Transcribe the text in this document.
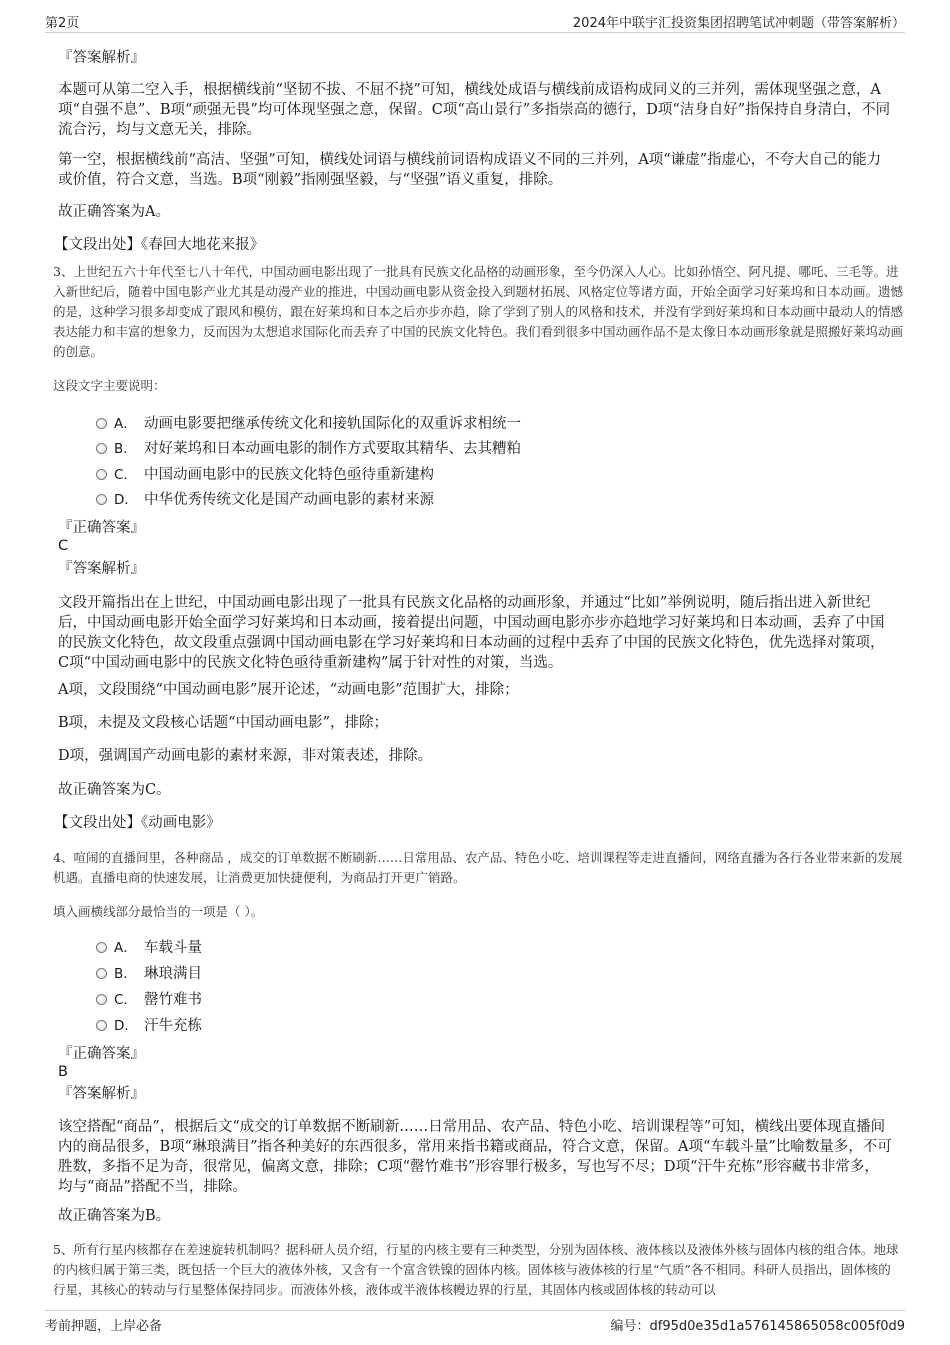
第2页	2024年中联宇汇投资集团招聘笔试冲刺题（带答案解析）
『答案解析』
本题可从第二空入手，根据横线前“坚韧不拔、不屈不挠”可知，横线处成语与横线前成语构成同义的三并列，需体现坚强之意，A项“自强不息”、B项“顽强无畏”均可体现坚强之意，保留。C项“高山景行”多指崇高的德行，D项“洁身自好”指保持自身清白，不同流合污，均与文意无关，排除。
第一空，根据横线前“高洁、坚强”可知，横线处词语与横线前词语构成语义不同的三并列，A项“谦虚”指虚心，不夸大自己的能力或价值，符合文意，当选。B项“刚毅”指刚强坚毅，与“坚强”语义重复，排除。
故正确答案为A。
【文段出处】《春回大地花来报》
3、上世纪五六十年代至七八十年代，中国动画电影出现了一批具有民族文化品格的动画形象，至今仍深入人心。比如孙悟空、阿凡提、哪吒、三毛等。进入新世纪后，随着中国电影产业尤其是动漫产业的推进，中国动画电影从资金投入到题材拓展、风格定位等诸方面，开始全面学习好莱坞和日本动画。遗憾的是，这种学习很多却变成了跟风和模仿，跟在好莱坞和日本之后亦步亦趋，除了学到了别人的风格和技术，并没有学到好莱坞和日本动画中最动人的情感表达能力和丰富的想象力，反而因为太想追求国际化而丢弃了中国的民族文化特色。我们看到很多中国动画作品不是太像日本动画形象就是照搬好莱坞动画的创意。
这段文字主要说明：
A． 动画电影要把继承传统文化和接轨国际化的双重诉求相统一
B． 对好莱坞和日本动画电影的制作方式要取其精华、去其糟粕
C． 中国动画电影中的民族文化特色亟待重新建构
D． 中华优秀传统文化是国产动画电影的素材来源
『正确答案』
C
『答案解析』
文段开篇指出在上世纪，中国动画电影出现了一批具有民族文化品格的动画形象，并通过“比如”举例说明，随后指出进入新世纪后，中国动画电影开始全面学习好莱坞和日本动画，接着提出问题，中国动画电影亦步亦趋地学习好莱坞和日本动画，丢弃了中国的民族文化特色，故文段重点强调中国动画电影在学习好莱坞和日本动画的过程中丢弃了中国的民族文化特色，优先选择对策项，C项“中国动画电影中的民族文化特色亟待重新建构”属于针对性的对策，当选。
A项，文段围绕“中国动画电影”展开论述，“动画电影”范围扩大，排除；
B项，未提及文段核心话题“中国动画电影”，排除；
D项，强调国产动画电影的素材来源，非对策表述，排除。
故正确答案为C。
【文段出处】《动画电影》
4、喧闹的直播间里，各种商品 ，成交的订单数据不断刷新……日常用品、农产品、特色小吃、培训课程等走进直播间，网络直播为各行各业带来新的发展机遇。直播电商的快速发展，让消费更加快捷便利，为商品打开更广销路。
填入画横线部分最恰当的一项是（ ）。
A． 车载斗量
B． 琳琅满目
C． 罄竹难书
D． 汗牛充栋
『正确答案』
B
『答案解析』
该空搭配“商品”，根据后文“成交的订单数据不断刷新……日常用品、农产品、特色小吃、培训课程等”可知，横线出要体现直播间内的商品很多，B项“琳琅满目”指各种美好的东西很多，常用来指书籍或商品，符合文意，保留。A项“车载斗量”比喻数量多，不可胜数，多指不足为奇，很常见，偏离文意，排除；C项“罄竹难书”形容罪行极多，写也写不尽；D项“汗牛充栋”形容藏书非常多，均与“商品”搭配不当，排除。
故正确答案为B。
5、所有行星内核都存在差速旋转机制吗？据科研人员介绍，行星的内核主要有三种类型，分别为固体核、液体核以及液体外核与固体内核的组合体。地球的内核归属于第三类，既包括一个巨大的液体外核，又含有一个富含铁镍的固体内核。固体核与液体核的行星“气质”各不相同。科研人员指出，固体核的行星，其核心的转动与行星整体保持同步。而液体外核，液体或半液体核幔边界的行星，其固体内核或固体核的转动可以
考前押题，上岸必备	编号：df95d0e35d1a576145865058c005f0d9
